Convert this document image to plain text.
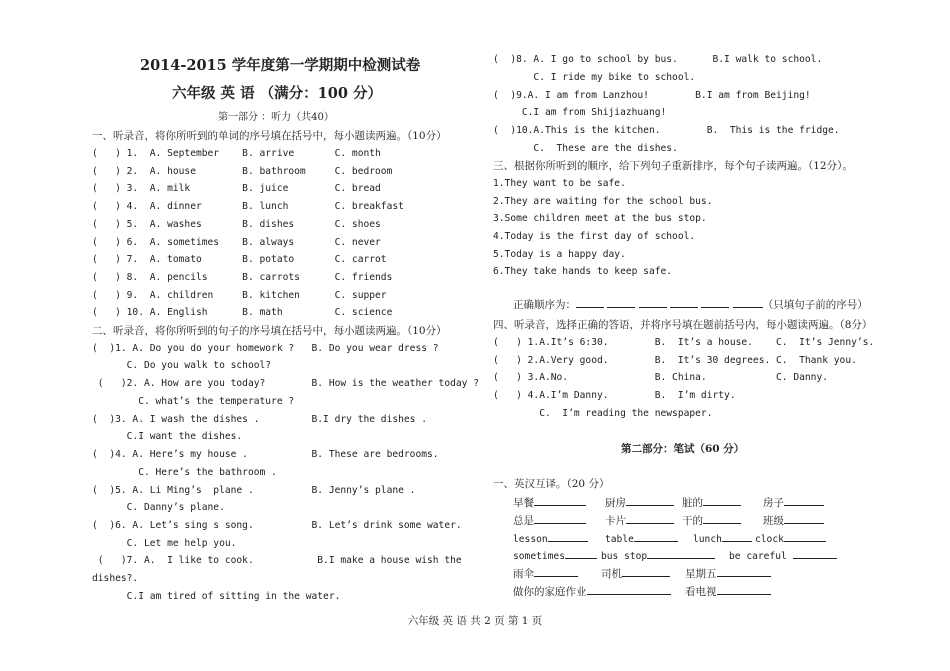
2014-2015 学年度第一学期期中检测试卷
六年级 英 语 （满分：100 分）
第一部分 ：听力（共40）
一、听录音，将你所听到的单词的序号填在括号中，每小题读两遍。（10分）
(   ) 1.  A. September    B. arrive       C. month
(   ) 2.  A. house        B. bathroom     C. bedroom
(   ) 3.  A. milk         B. juice        C. bread
(   ) 4.  A. dinner       B. lunch        C. breakfast
(   ) 5.  A. washes       B. dishes       C. shoes
(   ) 6.  A. sometimes    B. always       C. never
(   ) 7.  A. tomato       B. potato       C. carrot
(   ) 8.  A. pencils      B. carrots      C. friends
(   ) 9.  A. children     B. kitchen      C. supper
(   ) 10. A. English      B. math         C. science
二、听录音，将你所听到的句子的序号填在括号中，每小题读两遍。（10分）
(  )1. A. Do you do your homework ?   B. Do you wear dress ?
C. Do you walk to school?
(   )2. A. How are you today?        B. How is the weather today ?
C. what’s the temperature ?
(  )3. A. I wash the dishes .         B.I dry the dishes .
C.I want the dishes.
(  )4. A. Here’s my house .           B. These are bedrooms.
C. Here’s the bathroom .
(  )5. A. Li Ming’s  plane .          B. Jenny’s plane .
C. Danny’s plane.
(  )6. A. Let’s sing s song.          B. Let’s drink some water.
C. Let me help you.
(   )7. A.  I like to cook.           B.I make a house wish the
dishes?.
C.I am tired of sitting in the water.
(  )8. A. I go to school by bus.      B.I walk to school.
C. I ride my bike to school.
(  )9.A. I am from Lanzhou!        B.I am from Beijing!
C.I am from Shijiazhuang!
(  )10.A.This is the kitchen.        B.  This is the fridge.
C.  These are the dishes.
三、根据你所听到的顺序，给下列句子重新排序，每个句子读两遍。（12分）。
1.They want to be safe.
2.They are waiting for the school bus.
3.Some children meet at the bus stop.
4.Today is the first day of school.
5.Today is a happy day.
6.They take hands to keep safe.

正确顺序为：	（只填句子前的序号）

四、听录音，选择正确的答语，并将序号填在题前括号内，每小题读两遍。（8分）
(   ) 1.A.It’s 6:30.        B.  It’s a house.    C.  It’s Jenny’s.
(   ) 2.A.Very good.        B.  It’s 30 degrees. C.  Thank you.
(   ) 3.A.No.               B. China.            C. Danny.
(   ) 4.A.I’m Danny.        B.  I’m dirty.
C.  I’m reading the newspaper.
第二部分：笔试（60 分）
一、英汉互译。（20 分）
早餐	厨房	脏的	房子
总是	卡片	干的	班级
lesson	table	lunch	clock
sometimes	bus stop	be careful
雨伞	司机	星期五
做你的家庭作业	看电视
六年级 英 语 共 2 页 第 1 页
